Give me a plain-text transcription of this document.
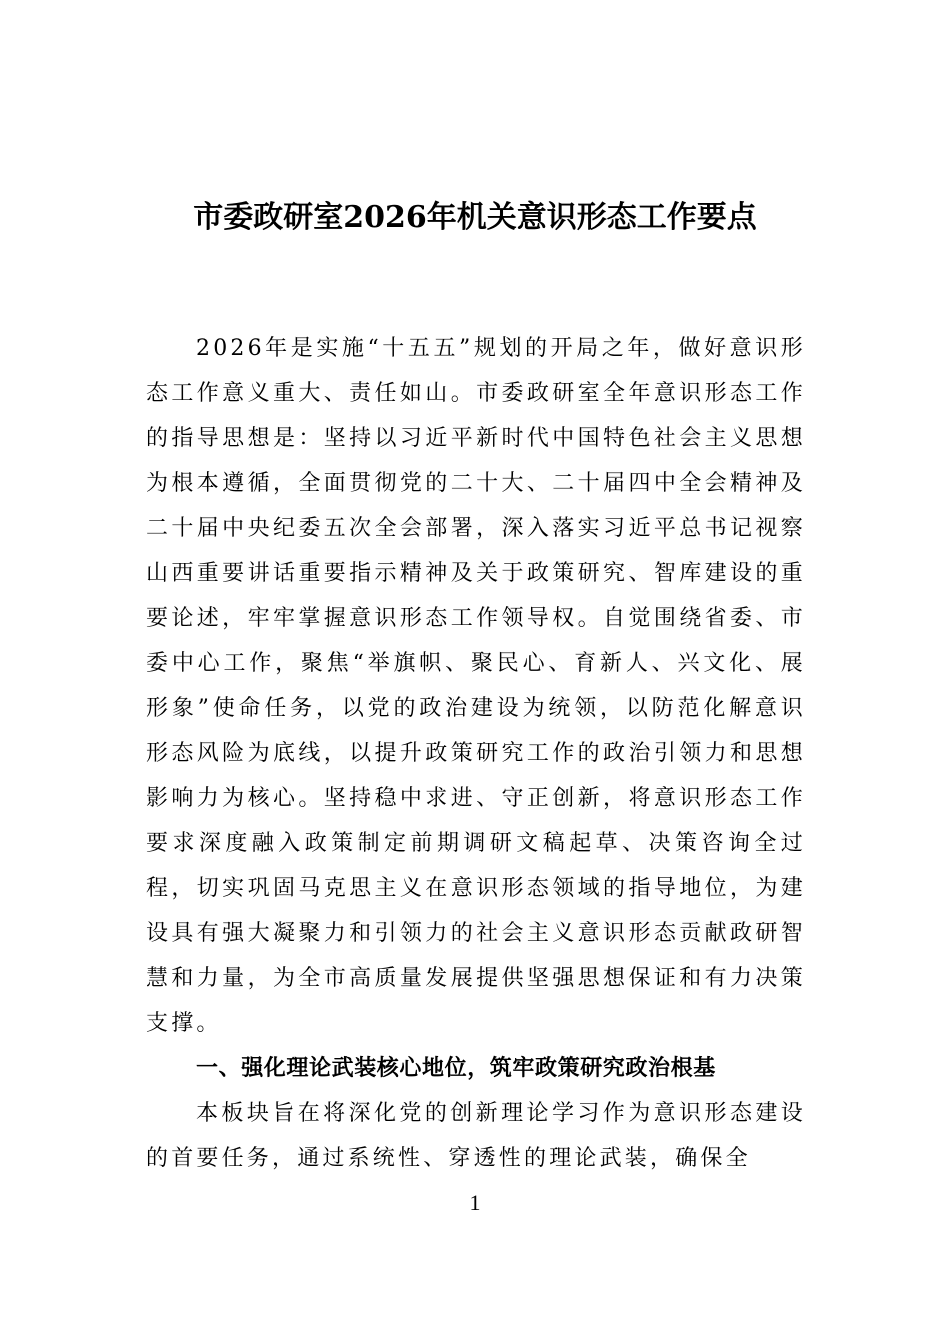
市委政研室2026年机关意识形态工作要点

2026年是实施“十五五”规划的开局之年，做好意识形态工作意义重大、责任如山。市委政研室全年意识形态工作的指导思想是：坚持以习近平新时代中国特色社会主义思想为根本遵循，全面贯彻党的二十大、二十届四中全会精神及二十届中央纪委五次全会部署，深入落实习近平总书记视察山西重要讲话重要指示精神及关于政策研究、智库建设的重要论述，牢牢掌握意识形态工作领导权。自觉围绕省委、市委中心工作，聚焦“举旗帜、聚民心、育新人、兴文化、展形象”使命任务，以党的政治建设为统领，以防范化解意识形态风险为底线，以提升政策研究工作的政治引领力和思想影响力为核心。坚持稳中求进、守正创新，将意识形态工作要求深度融入政策制定前期调研文稿起草、决策咨询全过程，切实巩固马克思主义在意识形态领域的指导地位，为建设具有强大凝聚力和引领力的社会主义意识形态贡献政研智慧和力量，为全市高质量发展提供坚强思想保证和有力决策支撑。

一、强化理论武装核心地位，筑牢政策研究政治根基

本板块旨在将深化党的创新理论学习作为意识形态建设的首要任务，通过系统性、穿透性的理论武装，确保全

1
